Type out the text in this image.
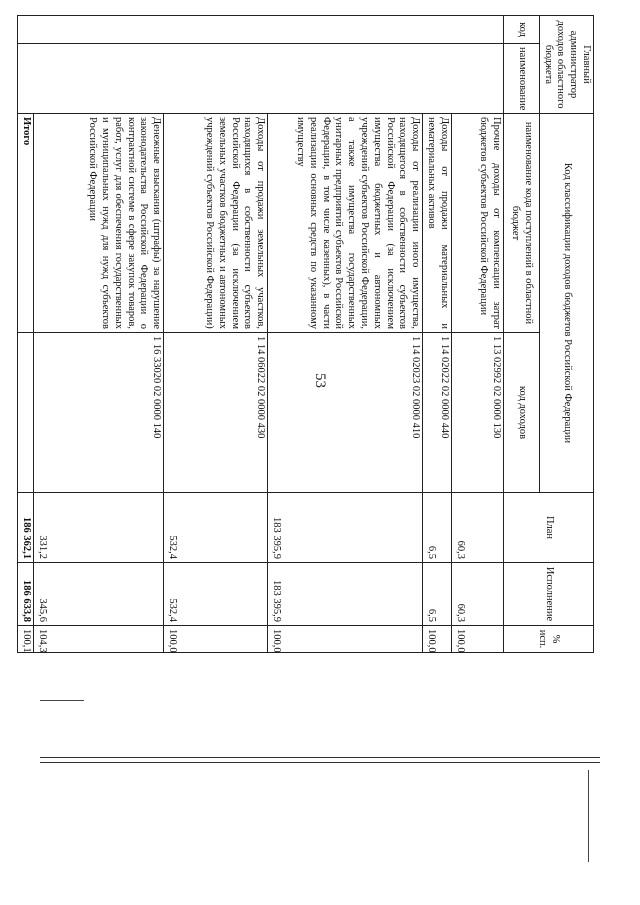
53
Главный администратор доходов областного бюджета		Код классификации доходов бюджетов Российской Федерации		План	Исполнение	% исп.
код	наименование	наименование кода поступлений в областной бюджет	код доходов			
		Прочие доходы от компенсации затрат бюджетов субъектов Российской Федерации	1 13 02992 02 0000 130	60,3	60,3	100,0
		Доходы от продажи материальных и нематериальных активов	1 14 02022 02 0000 440	6,5	6,5	100,0
		Доходы от реализации иного имущества, находящегося в собственности субъектов Российской Федерации (за исключением имущества бюджетных и автономных учреждений субъектов Российской Федерации, а также имущества государственных унитарных предприятий субъектов Российской Федерации, в том числе казенных), в части реализации основных средств по указанному имуществу	1 14 02023 02 0000 410	183 395,9	183 395,9	100,0
		Доходы от продажи земельных участков, находящихся в собственности субъектов Российской Федерации (за исключением земельных участков бюджетных и автономных учреждений субъектов Российской Федерации)	1 14 06022 02 0000 430	532,4	532,4	100,0
		Денежные взыскания (штрафы) за нарушение законодательства Российской Федерации о контрактной системе в сфере закупок товаров, работ, услуг для обеспечения государственных и муниципальных нужд для нужд субъектов Российской Федерации	1 16 33020 02 0000 140	331,2	345,6	104,3
		Итого		186 362,1	186 633,8	100,1
